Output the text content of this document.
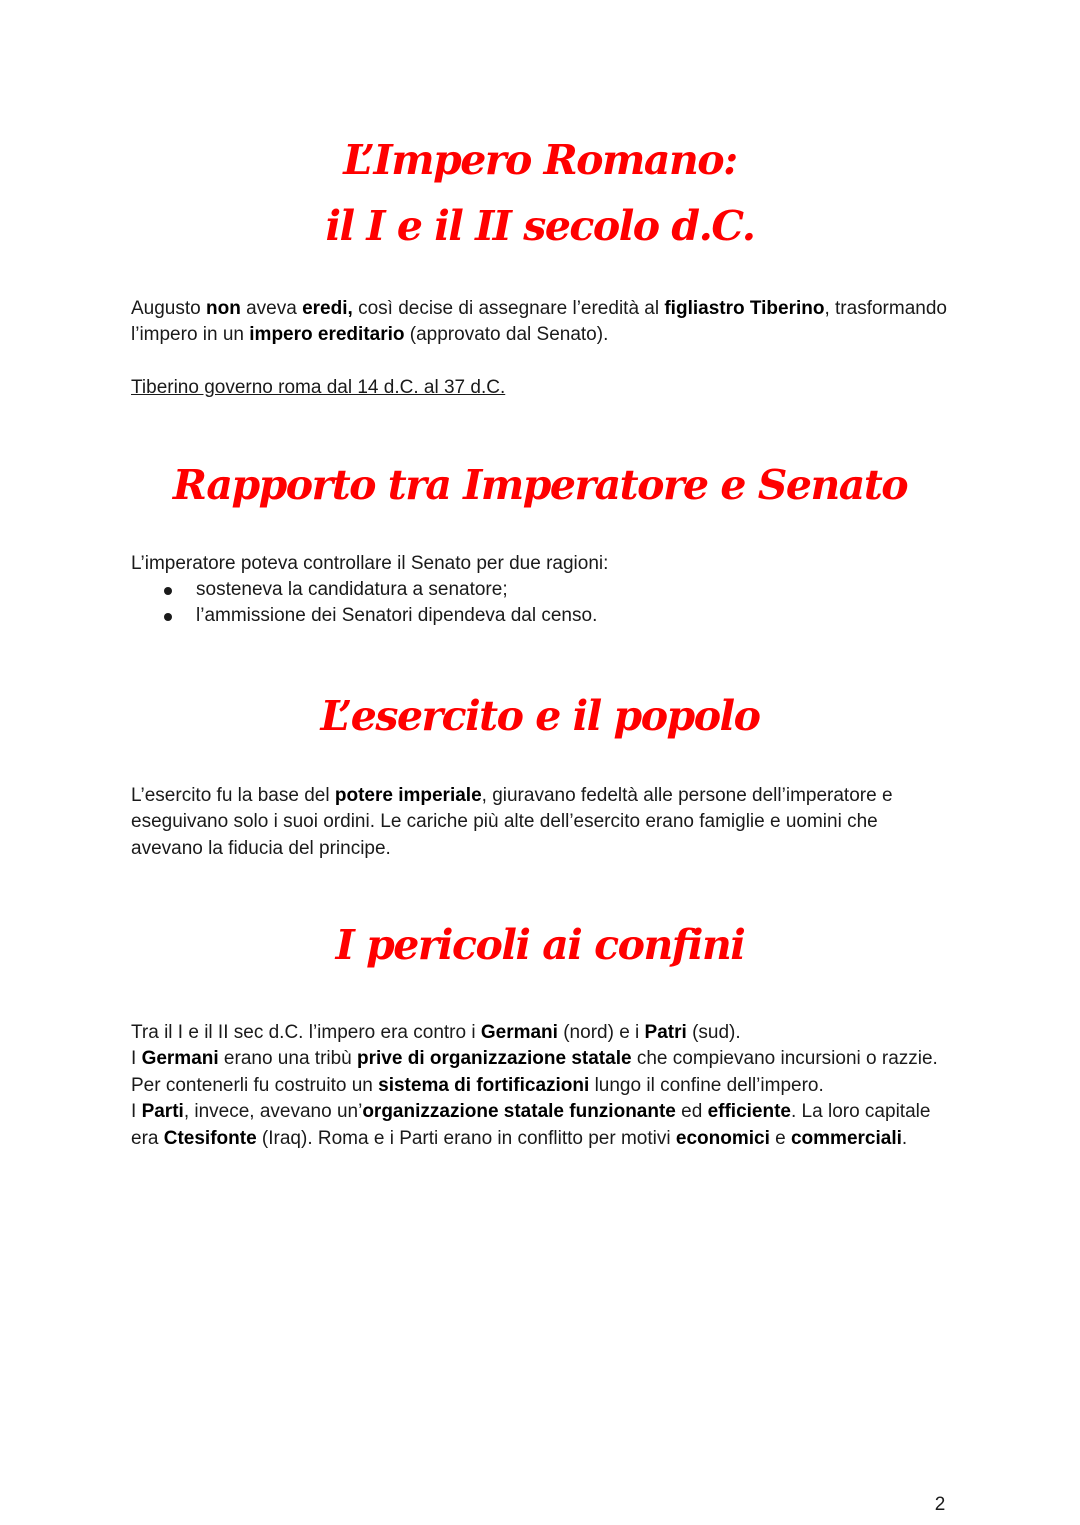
L’Impero Romano:
il I e il II secolo d.C.

Augusto non aveva eredi, così decise di assegnare l’eredità al figliastro Tiberino, trasformando l’impero in un impero ereditario (approvato dal Senato).

Tiberino governo roma dal 14 d.C. al 37 d.C.

Rapporto tra Imperatore e Senato

L’imperatore poteva controllare il Senato per due ragioni:

sosteneva la candidatura a senatore;
l’ammissione dei Senatori dipendeva dal censo.
L’esercito e il popolo

L’esercito fu la base del potere imperiale, giuravano fedeltà alle persone dell’imperatore e eseguivano solo i suoi ordini. Le cariche più alte dell’esercito erano famiglie e uomini che avevano la fiducia del principe.

I pericoli ai confini

Tra il I e il II sec d.C. l’impero era contro i Germani (nord) e i Patri (sud).
I Germani erano una tribù prive di organizzazione statale che compievano incursioni o razzie. Per contenerli fu costruito un sistema di fortificazioni lungo il confine dell’impero.
I Parti, invece, avevano un’organizzazione statale funzionante ed efficiente. La loro capitale era Ctesifonte (Iraq). Roma e i Parti erano in conflitto per motivi economici e commerciali.

2
